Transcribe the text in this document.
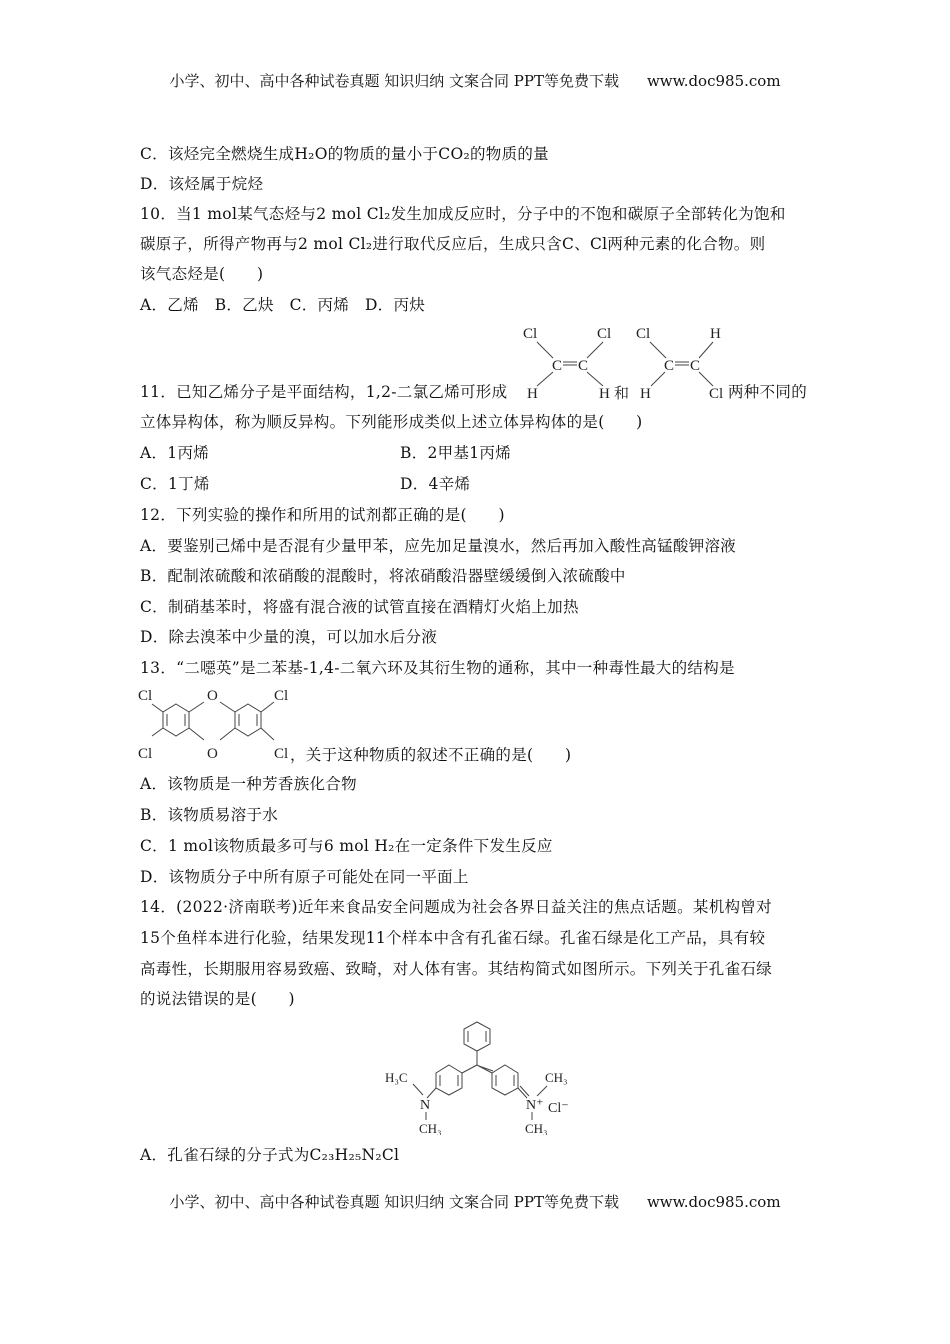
小学、初中、高中各种试卷真题 知识归纳 文案合同 PPT等免费下载 www.doc985.com
C．该烃完全燃烧生成H₂O的物质的量小于CO₂的物质的量
D．该烃属于烷烃
10．当1 mol某气态烃与2 mol Cl₂发生加成反应时，分子中的不饱和碳原子全部转化为饱和
碳原子，所得产物再与2 mol Cl₂进行取代反应后，生成只含C、Cl两种元素的化合物。则
该气态烃是(　　)
A．乙烯　B．乙炔　C．丙烯　D．丙炔
11．已知乙烯分子是平面结构，1,2-二氯乙烯可形成
Cl	Cl
C C
H	H 和 H
Cl	H
C C
Cl 两种不同的
立体异构体，称为顺反异构。下列能形成类似上述立体异构体的是(　　)
A．1丙烯	B．2甲基1丙烯
C．1丁烯	D．4辛烯
12．下列实验的操作和所用的试剂都正确的是(　　)
A．要鉴别己烯中是否混有少量甲苯，应先加足量溴水，然后再加入酸性高锰酸钾溶液
B．配制浓硫酸和浓硝酸的混酸时，将浓硝酸沿器壁缓缓倒入浓硫酸中
C．制硝基苯时，将盛有混合液的试管直接在酒精灯火焰上加热
D．除去溴苯中少量的溴，可以加水后分液
13．“二噁英”是二苯基-1,4-二氧六环及其衍生物的通称，其中一种毒性最大的结构是
Cl
Cl
O
O
Cl
Cl ，关于这种物质的叙述不正确的是(　　)
A．该物质是一种芳香族化合物
B．该物质易溶于水
C．1 mol该物质最多可与6 mol H₂在一定条件下发生反应
D．该物质分子中所有原子可能处在同一平面上
14．(2022·济南联考)近年来食品安全问题成为社会各界日益关注的焦点话题。某机构曾对
15个鱼样本进行化验，结果发现11个样本中含有孔雀石绿。孔雀石绿是化工产品，具有较
高毒性，长期服用容易致癌、致畸，对人体有害。其结构简式如图所示。下列关于孔雀石绿
的说法错误的是(　　)
H₃C
N
CH₃
N⁺
CH₃
Cl⁻
CH₃
A．孔雀石绿的分子式为C₂₃H₂₅N₂Cl
小学、初中、高中各种试卷真题 知识归纳 文案合同 PPT等免费下载 www.doc985.com
